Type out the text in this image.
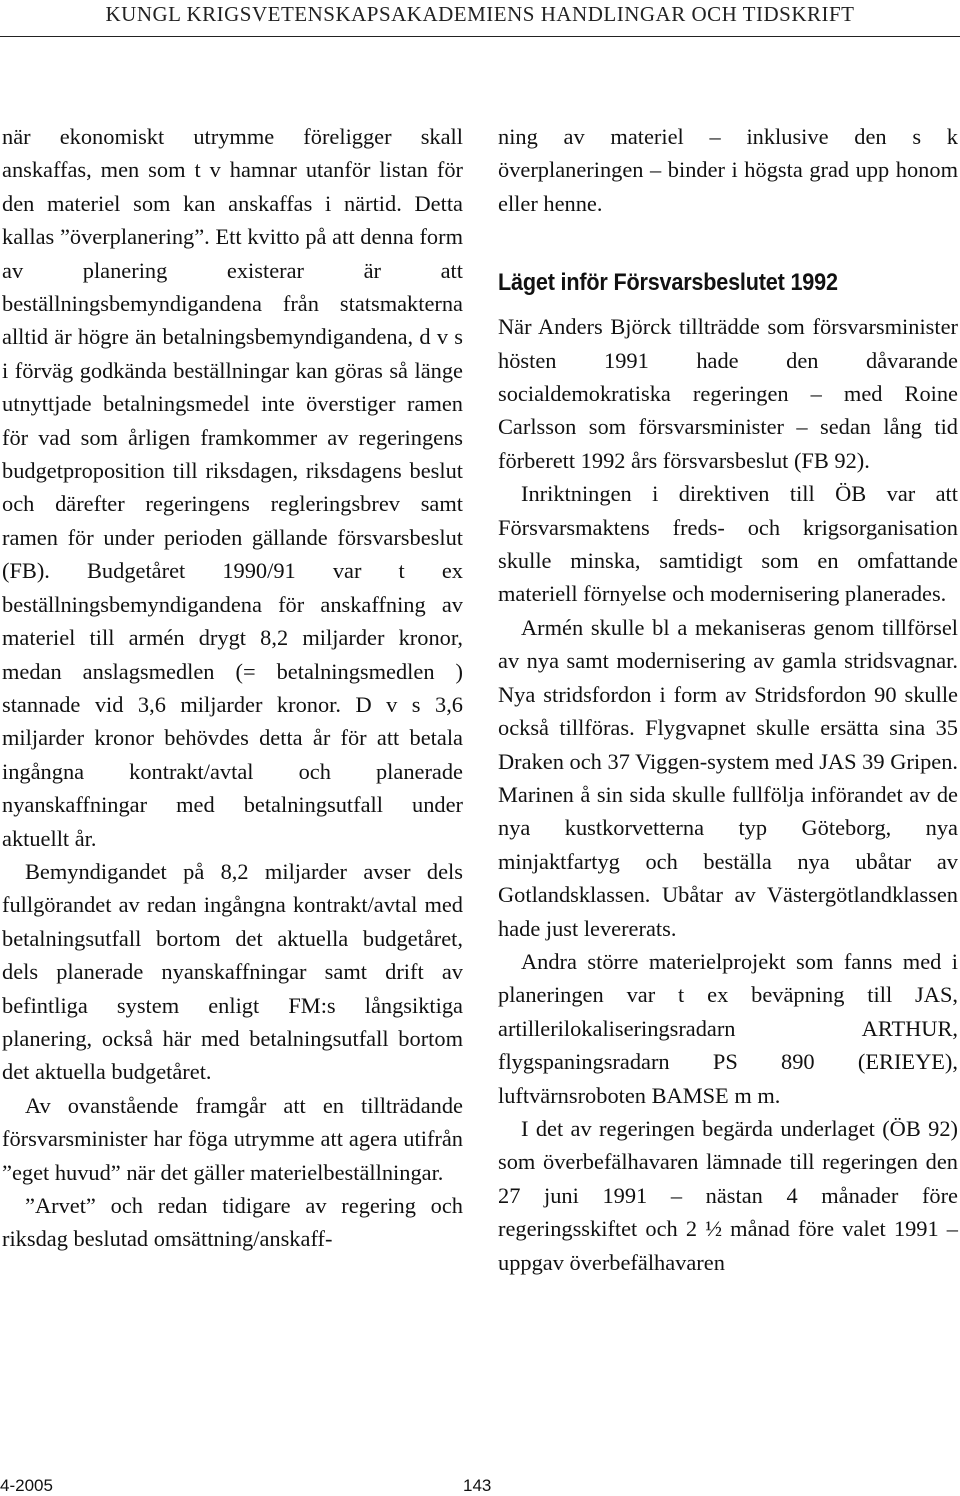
KUNGL KRIGSVETENSKAPSAKADEMIENS HANDLINGAR OCH TIDSKRIFT

när ekonomiskt utrymme föreligger skall anskaffas, men som t v hamnar utanför listan för den materiel som kan anskaffas i närtid. Detta kallas ”överplanering”. Ett kvitto på att denna form av planering existerar är att beställningsbemyndigandena från statsmakterna alltid är högre än betalningsbemyndigandena, d v s i förväg godkända beställningar kan göras så länge utnyttjade betalningsmedel inte överstiger ramen för vad som årligen framkommer av regeringens budgetproposition till riksdagen, riksdagens beslut och därefter regeringens regleringsbrev samt ramen för under perioden gällande försvarsbeslut (FB). Budgetåret 1990/91 var t ex beställningsbemyndigandena för anskaffning av materiel till armén drygt 8,2 miljarder kronor, medan anslagsmedlen (= betalningsmedlen ) stannade vid 3,6 miljarder kronor. D v s 3,6 miljarder kronor behövdes detta år för att betala ingångna kontrakt/avtal och planerade nyanskaffningar med betalningsutfall under aktuellt år.

Bemyndigandet på 8,2 miljarder avser dels fullgörandet av redan ingångna kontrakt/avtal med betalningsutfall bortom det aktuella budgetåret, dels planerade nyanskaffningar samt drift av befintliga system enligt FM:s långsiktiga planering, också här med betalningsutfall bortom det aktuella budgetåret.

Av ovanstående framgår att en tillträdande försvarsminister har föga utrymme att agera utifrån ”eget huvud” när det gäller materielbeställningar.

”Arvet” och redan tidigare av regering och riksdag beslutad omsättning/anskaff-

ning av materiel – inklusive den s k överplaneringen – binder i högsta grad upp honom eller henne.

Läget inför Försvarsbeslutet 1992

När Anders Björck tillträdde som försvarsminister hösten 1991 hade den dåvarande socialdemokratiska regeringen – med Roine Carlsson som försvarsminister – sedan lång tid förberett 1992 års försvarsbeslut (FB 92).

Inriktningen i direktiven till ÖB var att Försvarsmaktens freds- och krigsorganisation skulle minska, samtidigt som en omfattande materiell förnyelse och modernisering planerades.

Armén skulle bl a mekaniseras genom tillförsel av nya samt modernisering av gamla stridsvagnar. Nya stridsfordon i form av Stridsfordon 90 skulle också tillföras. Flygvapnet skulle ersätta sina 35 Draken och 37 Viggen-system med JAS 39 Gripen. Marinen å sin sida skulle fullfölja införandet av de nya kustkorvetterna typ Göteborg, nya minjaktfartyg och beställa nya ubåtar av Gotlandsklassen. Ubåtar av Västergötlandklassen hade just levererats.

Andra större materielprojekt som fanns med i planeringen var t ex beväpning till JAS, artillerilokaliseringsradarn ARTHUR, flygspaningsradarn PS 890 (ERIEYE), luftvärnsroboten BAMSE m m.

I det av regeringen begärda underlaget (ÖB 92) som överbefälhavaren lämnade till regeringen den 27 juni 1991 – nästan 4 månader före regeringsskiftet och 2 ½ månad före valet 1991 – uppgav överbefälhavaren

4-2005	143
